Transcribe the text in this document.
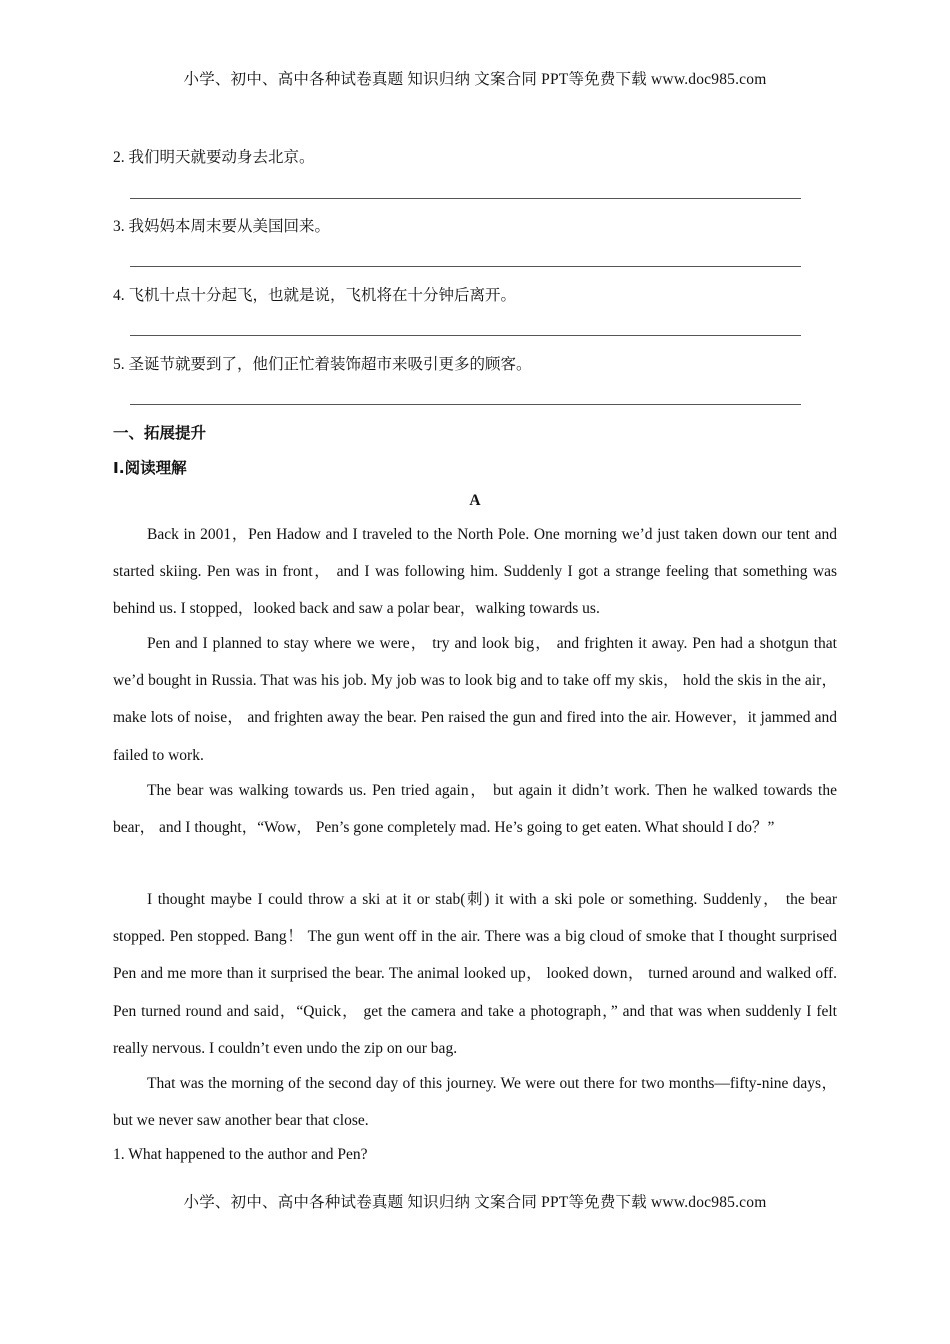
小学、初中、高中各种试卷真题 知识归纳 文案合同 PPT等免费下载 www.doc985.com
2. 我们明天就要动身去北京。
3. 我妈妈本周末要从美国回来。
4. 飞机十点十分起飞，也就是说，飞机将在十分钟后离开。
5. 圣诞节就要到了，他们正忙着装饰超市来吸引更多的顾客。
一、拓展提升
I.阅读理解
A

Back in 2001，Pen Hadow and I traveled to the North Pole. One morning we’d just taken down our tent and started skiing. Pen was in front， and I was following him. Suddenly I got a strange feeling that something was behind us. I stopped，looked back and saw a polar bear，walking towards us.

Pen and I planned to stay where we were， try and look big， and frighten it away. Pen had a shotgun that we’d bought in Russia. That was his job. My job was to look big and to take off my skis， hold the skis in the air， make lots of noise， and frighten away the bear. Pen raised the gun and fired into the air. However，it jammed and failed to work.

The bear was walking towards us. Pen tried again， but again it didn’t work. Then he walked towards the bear， and I thought，“Wow， Pen’s gone completely mad. He’s going to get eaten. What should I do？”

I thought maybe I could throw a ski at it or stab(刺) it with a ski pole or something. Suddenly， the bear stopped. Pen stopped. Bang！ The gun went off in the air. There was a big cloud of smoke that I thought surprised Pen and me more than it surprised the bear. The animal looked up， looked down， turned around and walked off. Pen turned round and said，“Quick， get the camera and take a photograph，” and that was when suddenly I felt really nervous. I couldn’t even undo the zip on our bag.

That was the morning of the second day of this journey. We were out there for two months—fifty-nine days，but we never saw another bear that close.

1. What happened to the author and Pen?
小学、初中、高中各种试卷真题 知识归纳 文案合同 PPT等免费下载 www.doc985.com
